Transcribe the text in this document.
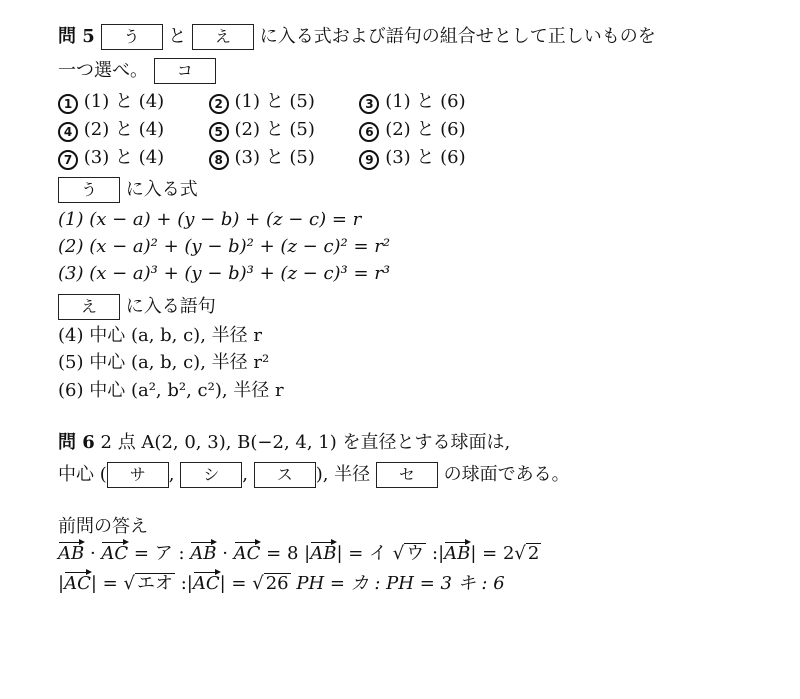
問 5 う と え に入る式および語句の組合せとして正しいものを
一つ選べ。 コ
1 (1) と (4)	2 (1) と (5)	3 (1) と (6)
4 (2) と (4)	5 (2) と (5)	6 (2) と (6)
7 (3) と (4)	8 (3) と (5)	9 (3) と (6)
う に入る式
(1) (x − a) + (y − b) + (z − c) = r
(2) (x − a)² + (y − b)² + (z − c)² = r²
(3) (x − a)³ + (y − b)³ + (z − c)³ = r³
え に入る語句
(4) 中心 (a, b, c), 半径 r
(5) 中心 (a, b, c), 半径 r²
(6) 中心 (a², b², c²), 半径 r
問 6 2 点 A(2, 0, 3), B(−2, 4, 1) を直径とする球面は,
中心 ( サ , シ , ス ), 半径 セ の球面である。
前問の答え
AB · AC = ア : AB · AC = 8 |AB| = イ √ ウ :|AB| = 2√ 2
|AC| = √ エオ :|AC| = √ 26 PH = カ : PH = 3 キ : 6
